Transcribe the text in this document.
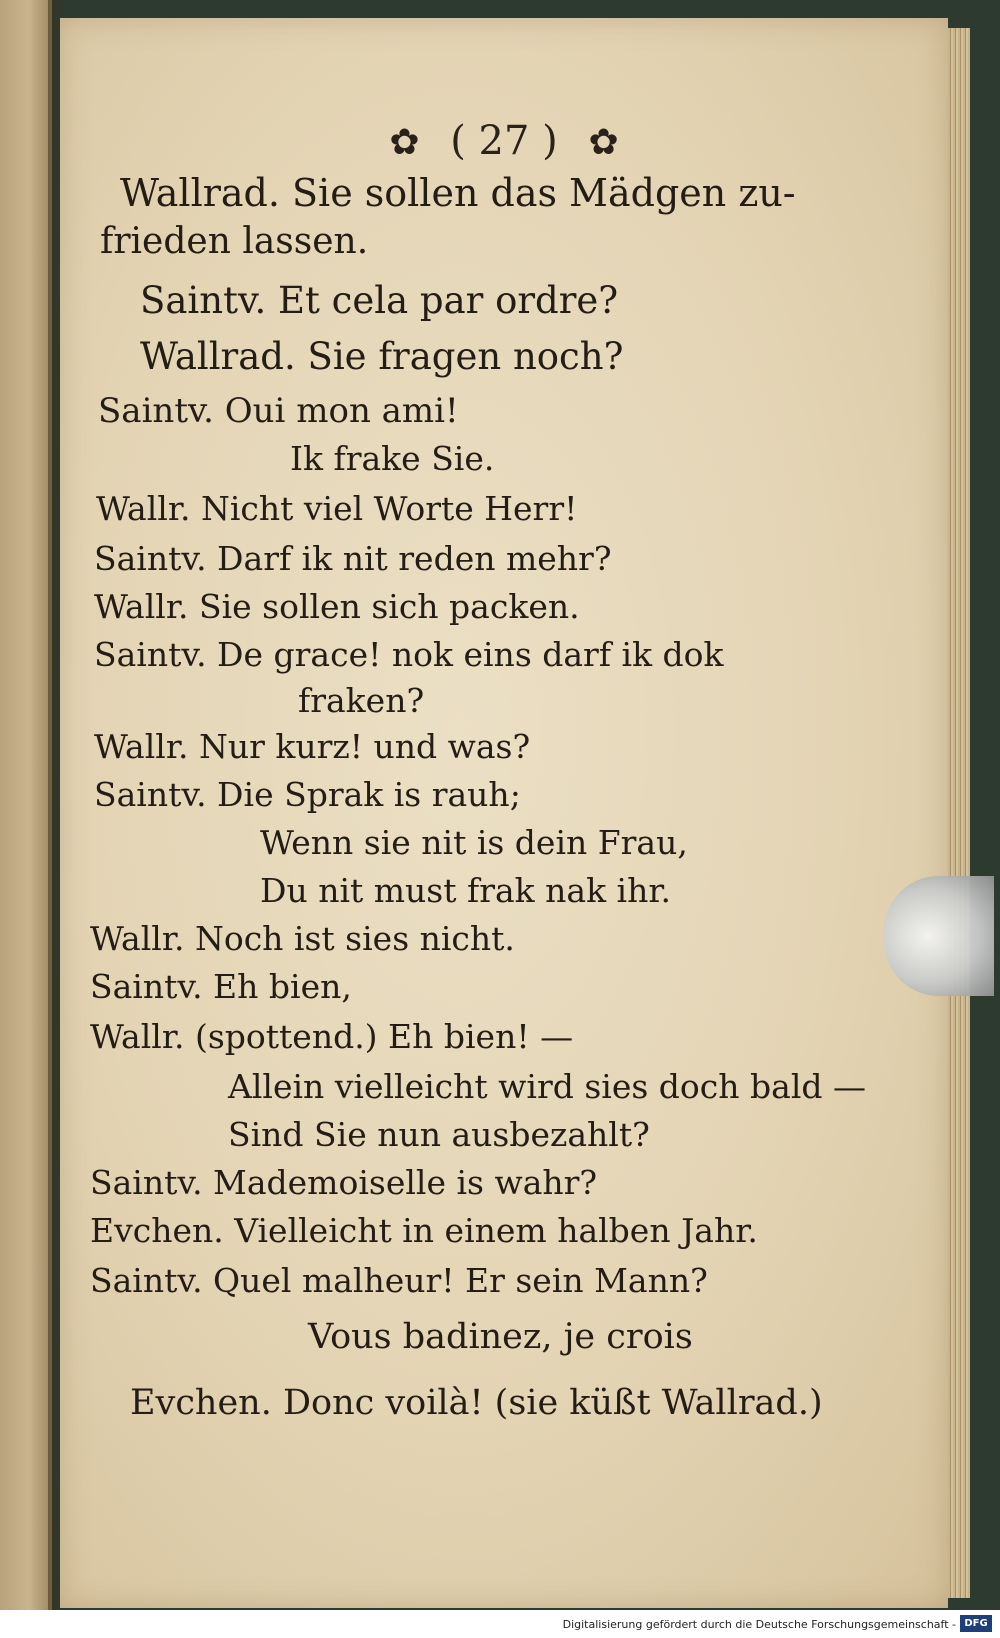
✿ ( 27 ) ✿
Wallrad. Sie sollen das Mädgen zu-
frieden lassen.
Saintv. Et cela par ordre?
Wallrad. Sie fragen noch?
Saintv. Oui mon ami!
Ik frake Sie.
Wallr. Nicht viel Worte Herr!
Saintv. Darf ik nit reden mehr?
Wallr. Sie sollen sich packen.
Saintv. De grace! nok eins darf ik dok
fraken?
Wallr. Nur kurz! und was?
Saintv. Die Sprak is rauh;
Wenn sie nit is dein Frau,
Du nit must frak nak ihr.
Wallr. Noch ist sies nicht.
Saintv. Eh bien,
Wallr. (spottend.) Eh bien! —
Allein vielleicht wird sies doch bald —
Sind Sie nun ausbezahlt?
Saintv. Mademoiselle is wahr?
Evchen. Vielleicht in einem halben Jahr.
Saintv. Quel malheur! Er sein Mann?
Vous badinez, je crois
Evchen. Donc voilà! (sie küßt Wallrad.)
Digitalisierung gefördert durch die Deutsche Forschungsgemeinschaft - DFG
